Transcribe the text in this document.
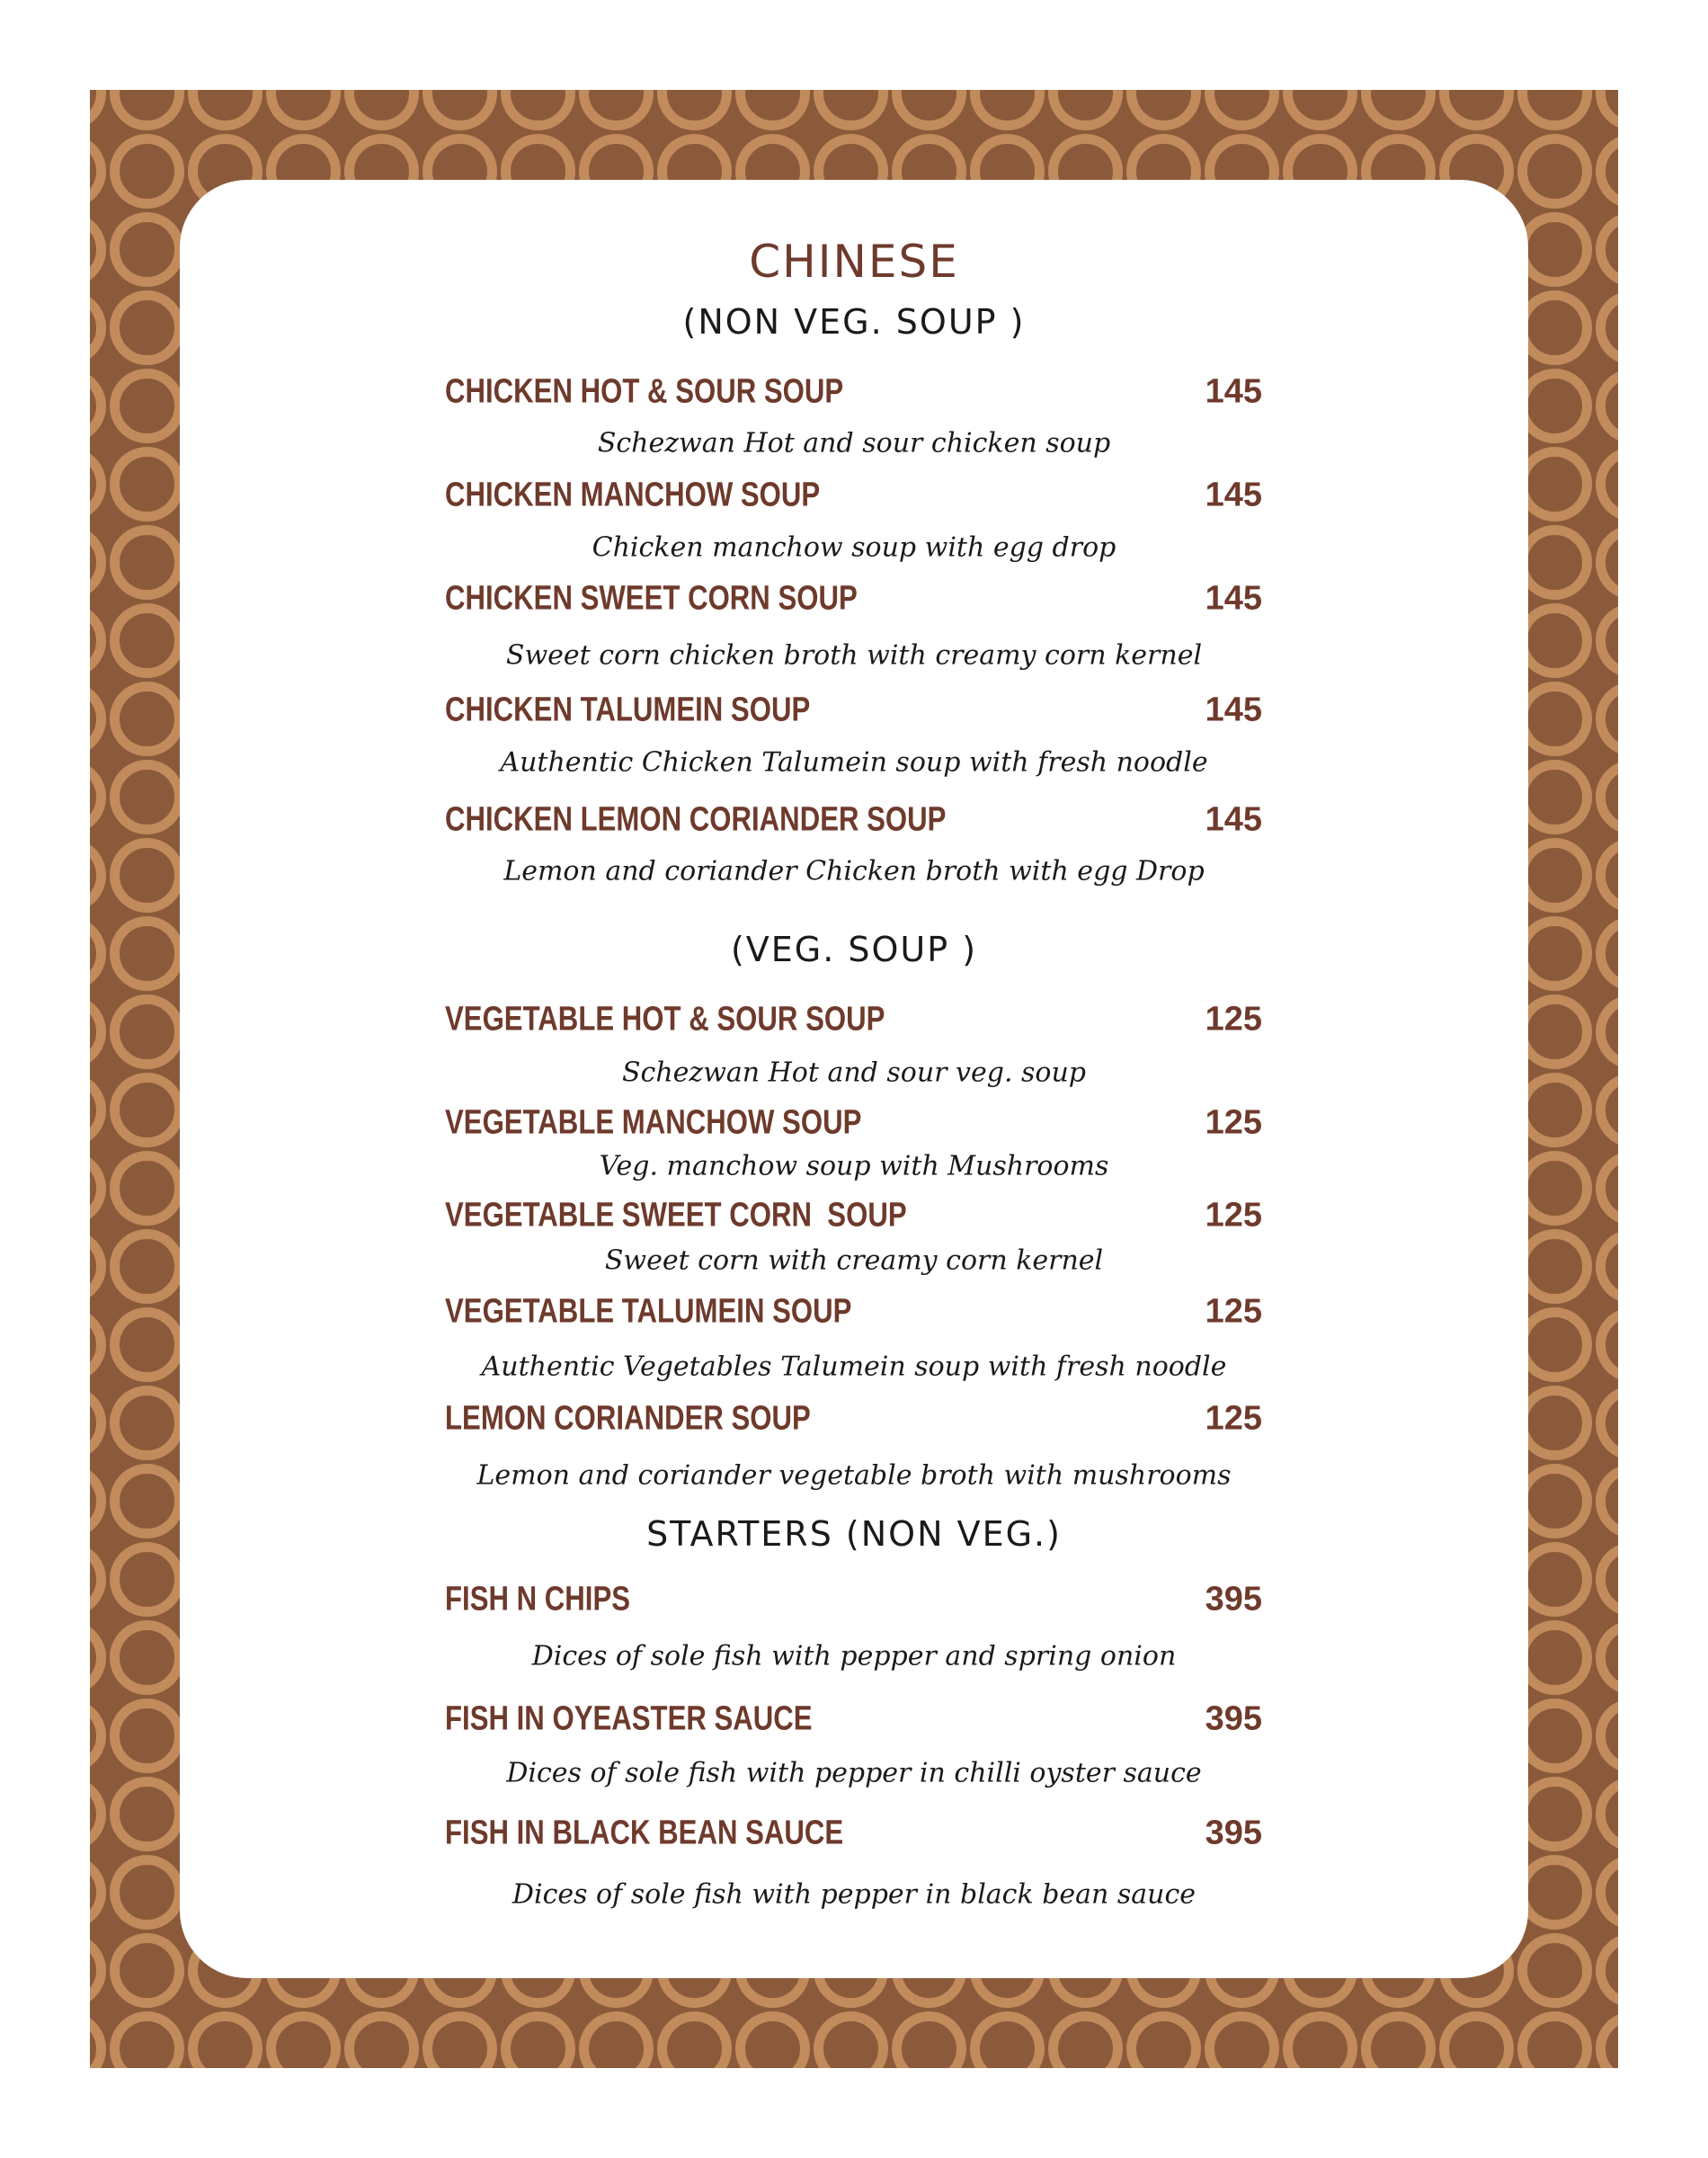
CHINESE
(NON VEG. SOUP )
CHICKEN HOT & SOUR SOUP	145
Schezwan Hot and sour chicken soup
CHICKEN MANCHOW SOUP	145
Chicken manchow soup with egg drop
CHICKEN SWEET CORN SOUP	145
Sweet corn chicken broth with creamy corn kernel
CHICKEN TALUMEIN SOUP	145
Authentic Chicken Talumein soup with fresh noodle
CHICKEN LEMON CORIANDER SOUP	145
Lemon and coriander Chicken broth with egg Drop
(VEG. SOUP )
VEGETABLE HOT & SOUR SOUP	125
Schezwan Hot and sour veg. soup
VEGETABLE MANCHOW SOUP	125
Veg. manchow soup with Mushrooms
VEGETABLE SWEET CORN  SOUP	125
Sweet corn with creamy corn kernel
VEGETABLE TALUMEIN SOUP	125
Authentic Vegetables Talumein soup with fresh noodle
LEMON CORIANDER SOUP	125
Lemon and coriander vegetable broth with mushrooms
STARTERS (NON VEG.)
FISH N CHIPS	395
Dices of sole fish with pepper and spring onion
FISH IN OYEASTER SAUCE	395
Dices of sole fish with pepper in chilli oyster sauce
FISH IN BLACK BEAN SAUCE	395
Dices of sole fish with pepper in black bean sauce
